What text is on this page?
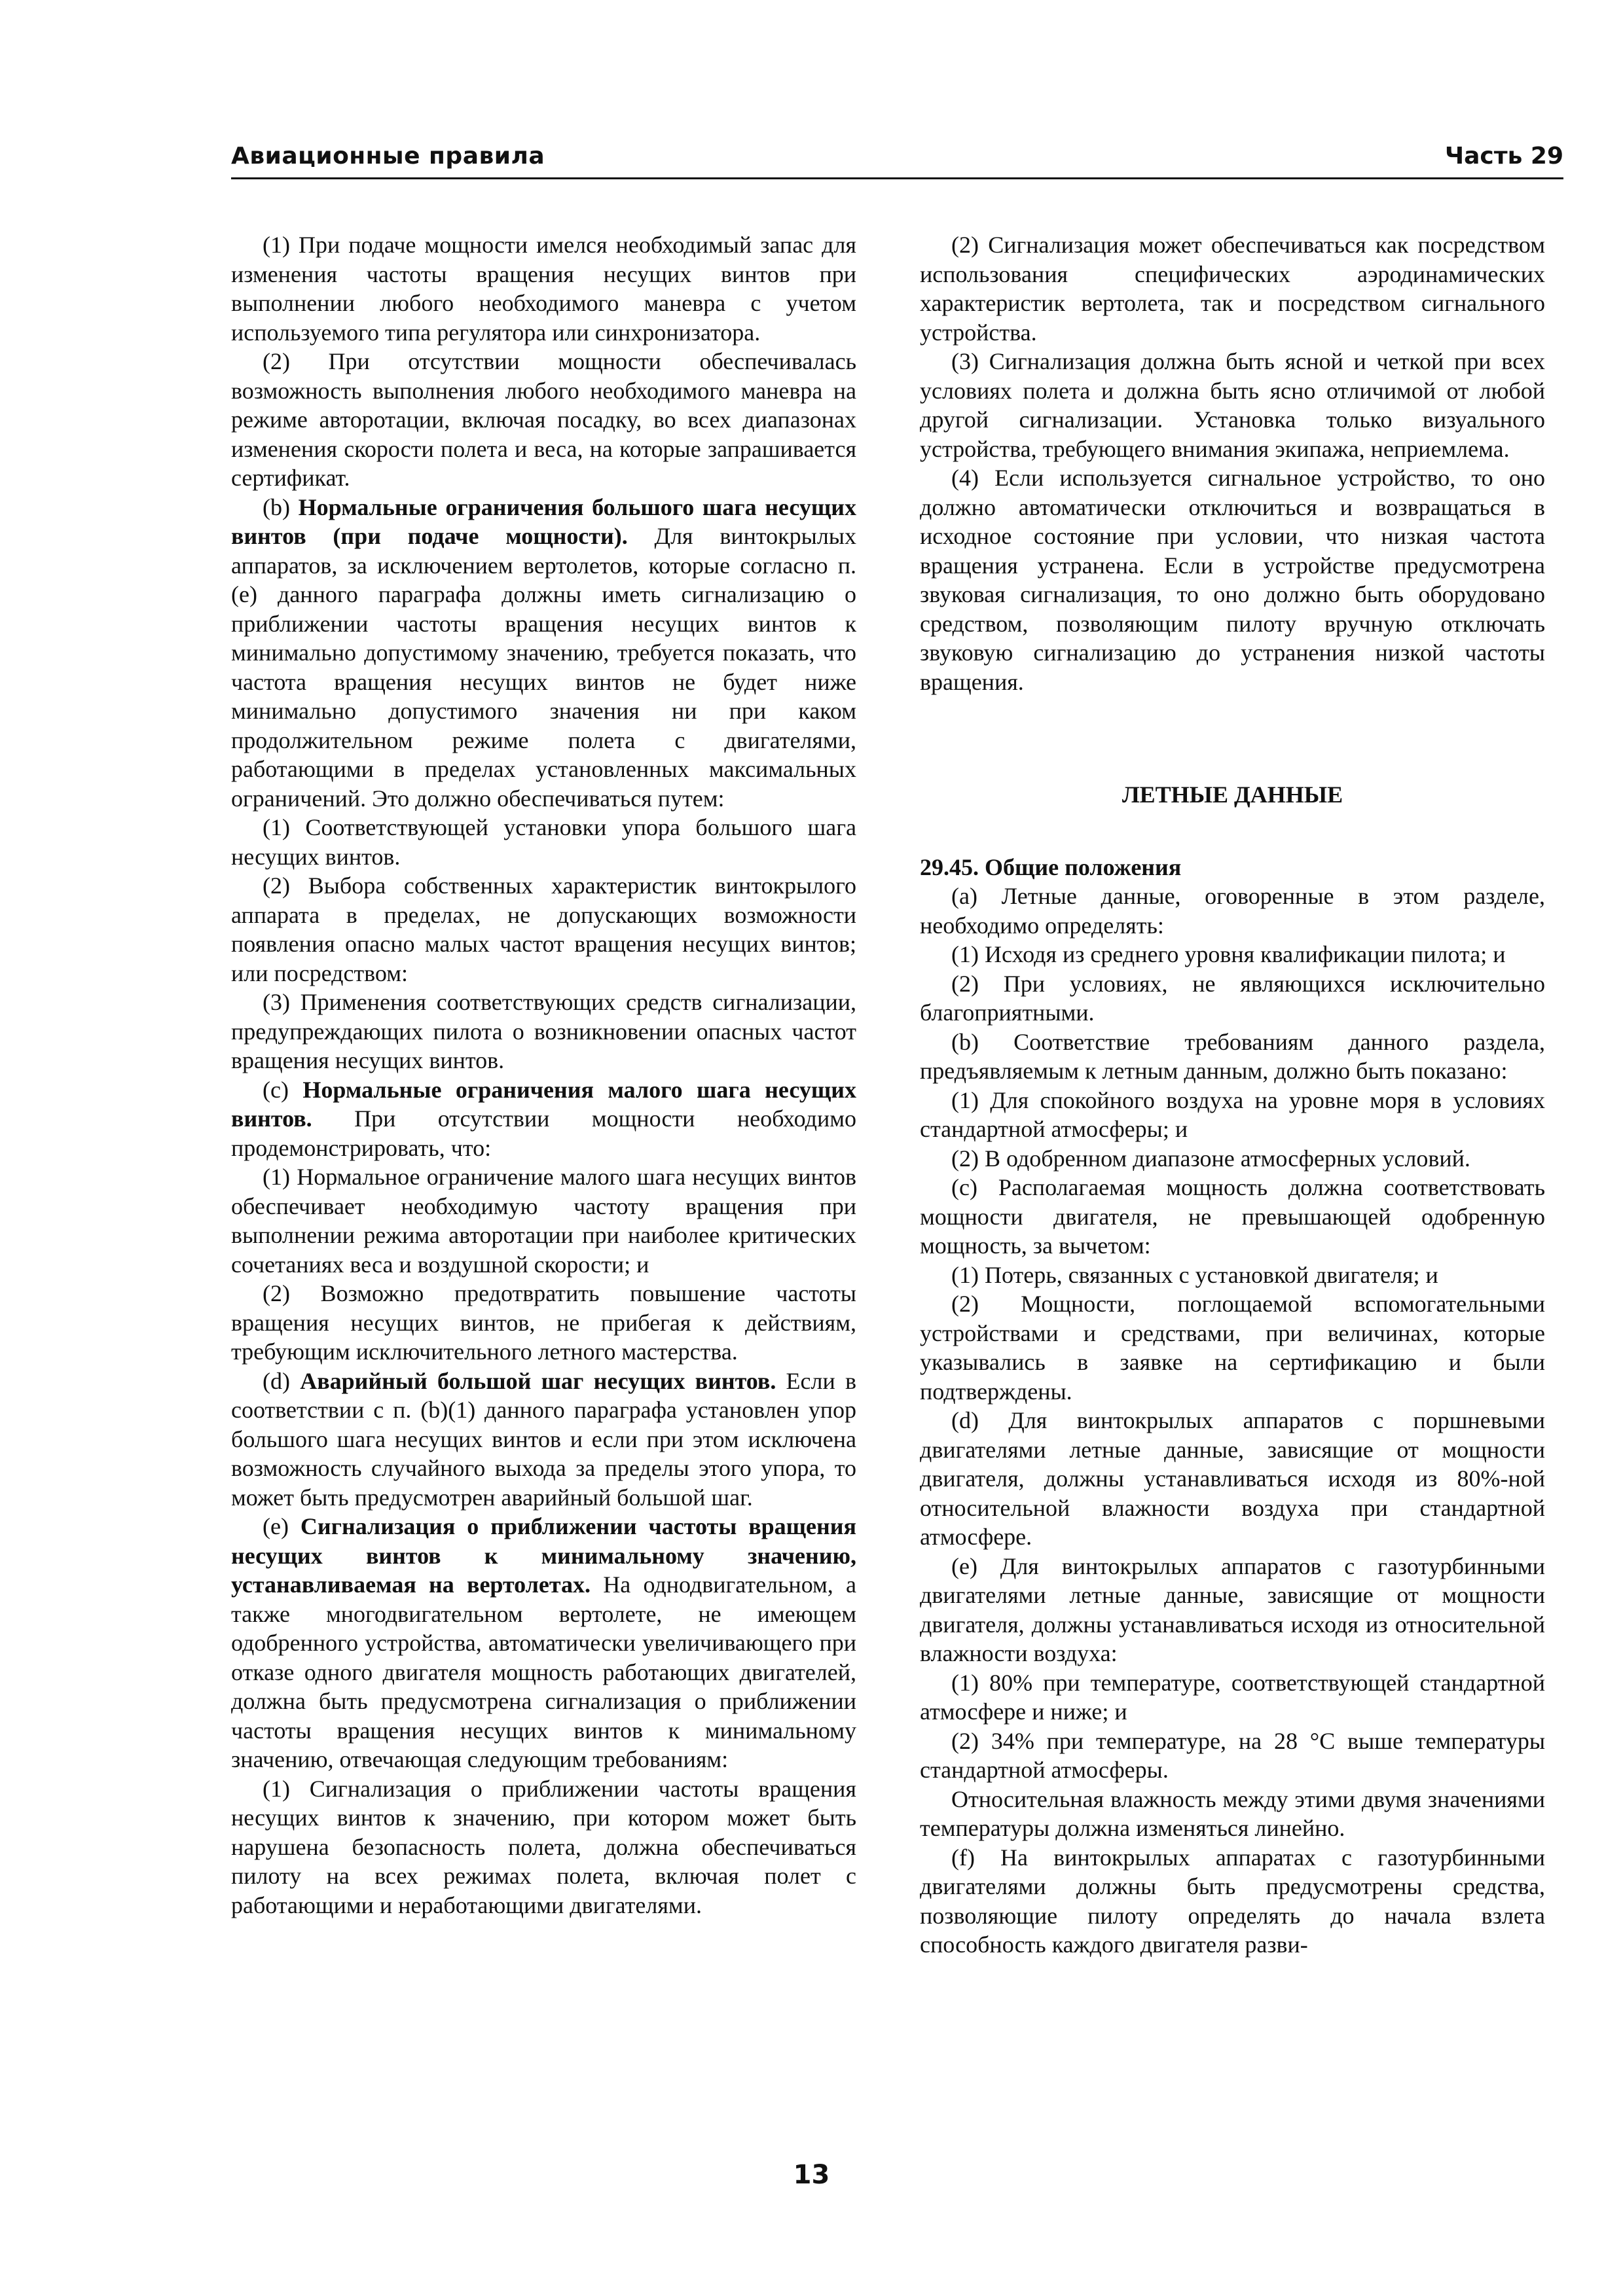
Авиационные правила	Часть 29

(1) При подаче мощности имелся необходимый запас для изменения частоты вращения несущих винтов при выполнении любого необходимого маневра с учетом используемого типа регулятора или синхронизатора.

(2) При отсутствии мощности обеспечивалась возможность выполнения любого необходимого маневра на режиме авторотации, включая посадку, во всех диапазонах изменения скорости полета и веса, на которые запрашивается сертификат.

(b) Нормальные ограничения большого шага несущих винтов (при подаче мощности). Для винтокрылых аппаратов, за исключением вертолетов, которые согласно п. (е) данного параграфа должны иметь сигнализацию о приближении частоты вращения несущих винтов к минимально допустимому значению, требуется показать, что частота вращения несущих винтов не будет ниже минимально допустимого значения ни при каком продолжительном режиме полета с двигателями, работающими в пределах установленных максимальных ограничений. Это должно обеспечиваться путем:

(1) Соответствующей установки упора большого шага несущих винтов.

(2) Выбора собственных характеристик винтокрылого аппарата в пределах, не допускающих возможности появления опасно малых частот вращения несущих винтов; или посредством:

(3) Применения соответствующих средств сигнализации, предупреждающих пилота о возникновении опасных частот вращения несущих винтов.

(с) Нормальные ограничения малого шага несущих винтов. При отсутствии мощности необходимо продемонстрировать, что:

(1) Нормальное ограничение малого шага несущих винтов обеспечивает необходимую частоту вращения при выполнении режима авторотации при наиболее критических сочетаниях веса и воздушной скорости; и

(2) Возможно предотвратить повышение частоты вращения несущих винтов, не прибегая к действиям, требующим исключительного летного мастерства.

(d) Аварийный большой шаг несущих винтов. Если в соответствии с п. (b)(1) данного параграфа установлен упор большого шага несущих винтов и если при этом исключена возможность случайного выхода за пределы этого упора, то может быть предусмотрен аварийный большой шаг.

(е) Сигнализация о приближении частоты вращения несущих винтов к минимальному значению, устанавливаемая на вертолетах. На однодвигательном, а также многодвигательном вертолете, не имеющем одобренного устройства, автоматически увеличивающего при отказе одного двигателя мощность работающих двигателей, должна быть предусмотрена сигнализация о приближении частоты вращения несущих винтов к минимальному значению, отвечающая следующим требованиям:

(1) Сигнализация о приближении частоты вращения несущих винтов к значению, при котором может быть нарушена безопасность полета, должна обеспечиваться пилоту на всех режимах полета, включая полет с работающими и неработающими двигателями.

(2) Сигнализация может обеспечиваться как посредством использования специфических аэродинамических характеристик вертолета, так и посредством сигнального устройства.

(3) Сигнализация должна быть ясной и четкой при всех условиях полета и должна быть ясно отличимой от любой другой сигнализации. Установка только визуального устройства, требующего внимания экипажа, неприемлема.

(4) Если используется сигнальное устройство, то оно должно автоматически отключиться и возвращаться в исходное состояние при условии, что низкая частота вращения устранена. Если в устройстве предусмотрена звуковая сигнализация, то оно должно быть оборудовано средством, позволяющим пилоту вручную отключать звуковую сигнализацию до устранения низкой частоты вращения.

ЛЕТНЫЕ ДАННЫЕ

29.45. Общие положения

(а) Летные данные, оговоренные в этом разделе, необходимо определять:

(1) Исходя из среднего уровня квалификации пилота; и

(2) При условиях, не являющихся исключительно благоприятными.

(b) Соответствие требованиям данного раздела, предъявляемым к летным данным, должно быть показано:

(1) Для спокойного воздуха на уровне моря в условиях стандартной атмосферы; и

(2) В одобренном диапазоне атмосферных условий.

(с) Располагаемая мощность должна соответствовать мощности двигателя, не превышающей одобренную мощность, за вычетом:

(1) Потерь, связанных с установкой двигателя; и

(2) Мощности, поглощаемой вспомогательными устройствами и средствами, при величинах, которые указывались в заявке на сертификацию и были подтверждены.

(d) Для винтокрылых аппаратов с поршневыми двигателями летные данные, зависящие от мощности двигателя, должны устанавливаться исходя из 80%-ной относительной влажности воздуха при стандартной атмосфере.

(е) Для винтокрылых аппаратов с газотурбинными двигателями летные данные, зависящие от мощности двигателя, должны устанавливаться исходя из относительной влажности воздуха:

(1) 80% при температуре, соответствующей стандартной атмосфере и ниже; и

(2) 34% при температуре, на 28 °С выше температуры стандартной атмосферы.

Относительная влажность между этими двумя значениями температуры должна изменяться линейно.

(f) На винтокрылых аппаратах с газотурбинными двигателями должны быть предусмотрены средства, позволяющие пилоту определять до начала взлета способность каждого двигателя разви-

13
